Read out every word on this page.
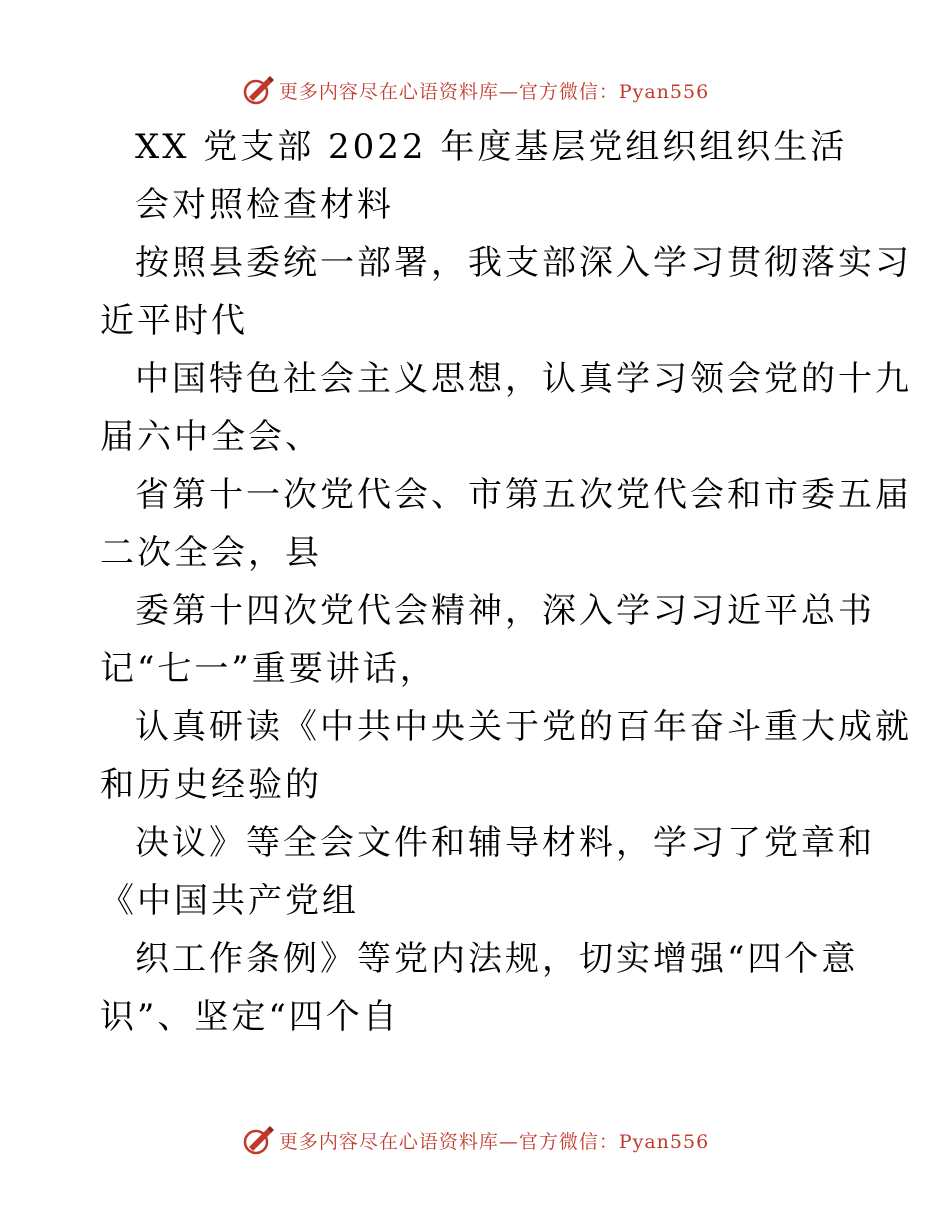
更多内容尽在心语资料库—官方微信：Pyan556
XX 党支部 2022 年度基层党组织组织生活
会对照检查材料
按照县委统一部署，我支部深入学习贯彻落实习
近平时代
中国特色社会主义思想，认真学习领会党的十九
届六中全会、
省第十一次党代会、市第五次党代会和市委五届
二次全会，县
委第十四次党代会精神，深入学习习近平总书
记“七一”重要讲话，
认真研读《中共中央关于党的百年奋斗重大成就
和历史经验的
决议》等全会文件和辅导材料，学习了党章和
《中国共产党组
织工作条例》等党内法规，切实增强“四个意
识”、坚定“四个自
更多内容尽在心语资料库—官方微信：Pyan556
